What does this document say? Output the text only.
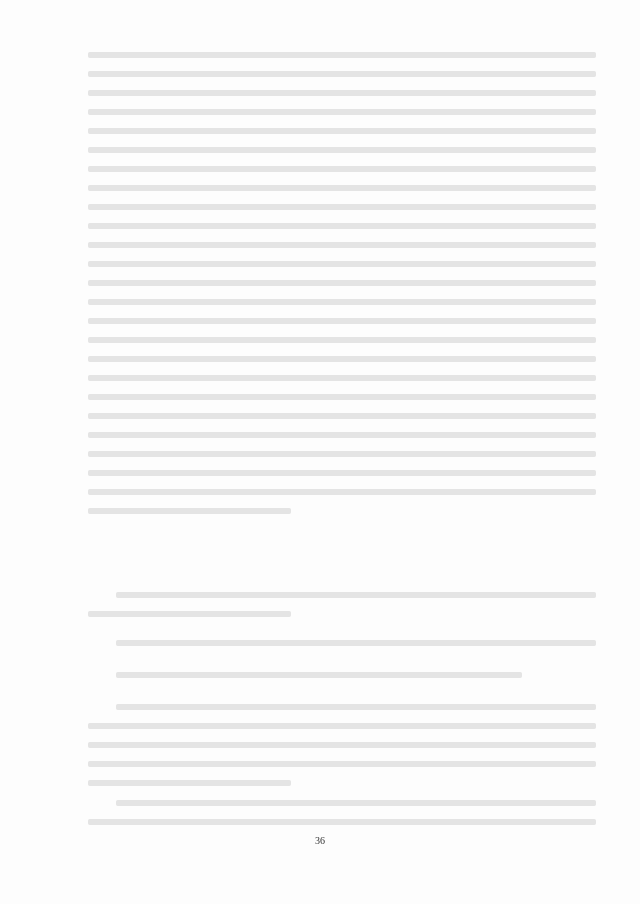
36
